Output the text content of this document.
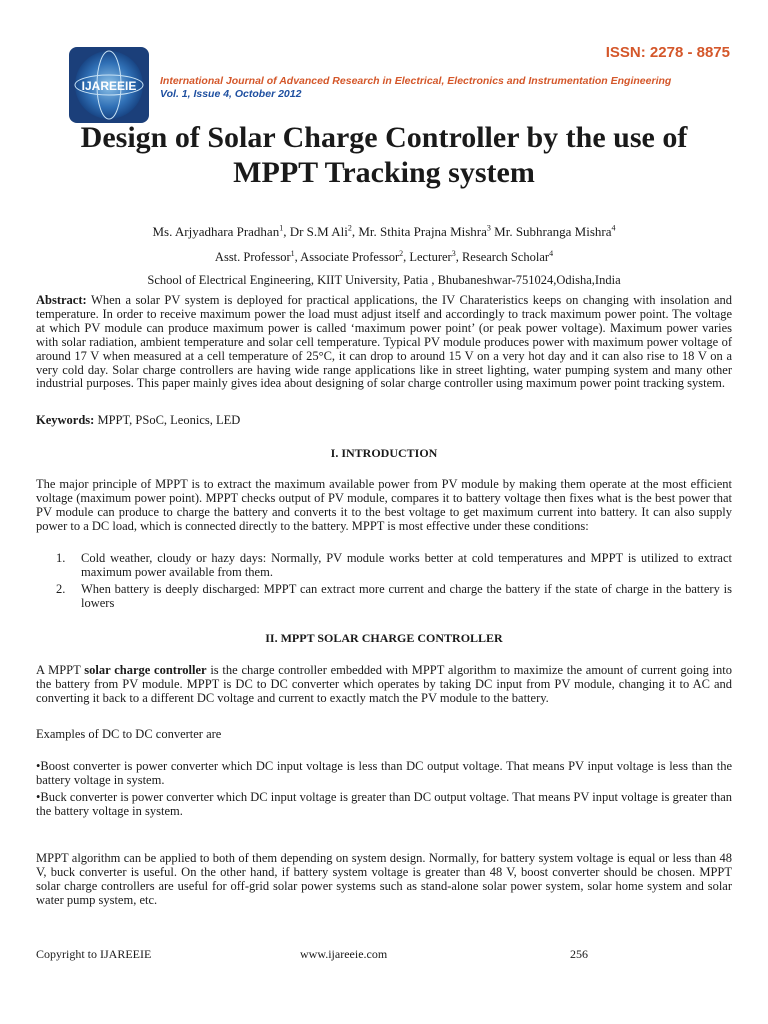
IJAREEIE
ISSN: 2278 - 8875
International Journal of Advanced Research in Electrical, Electronics and Instrumentation Engineering
Vol. 1, Issue 4, October 2012
Design of Solar Charge Controller by the use of
MPPT Tracking system
Ms. Arjyadhara Pradhan$^1$, Dr S.M Ali$^2$, Mr. Sthita Prajna Mishra$^3$ Mr. Subhranga Mishra$^4$
Asst. Professor$^1$, Associate Professor$^2$, Lecturer$^3$, Research Scholar$^4$
School of Electrical Engineering, KIIT University, Patia , Bhubaneshwar-751024,Odisha,India
Abstract: When a solar PV system is deployed for practical applications, the IV Charateristics keeps on changing with insolation and temperature. In order to receive maximum power the load must adjust itself and accordingly to track maximum power point. The voltage at which PV module can produce maximum power is called ‘maximum power point’ (or peak power voltage). Maximum power varies with solar radiation, ambient temperature and solar cell temperature. Typical PV module produces power with maximum power voltage of around 17 V when measured at a cell temperature of 25°C, it can drop to around 15 V on a very hot day and it can also rise to 18 V on a very cold day. Solar charge controllers are having wide range applications like in street lighting, water pumping system and many other industrial purposes. This paper mainly gives idea about designing of solar charge controller using maximum power point tracking system.
Keywords: MPPT, PSoC, Leonics, LED
I. INTRODUCTION
The major principle of MPPT is to extract the maximum available power from PV module by making them operate at the most efficient voltage (maximum power point). MPPT checks output of PV module, compares it to battery voltage then fixes what is the best power that PV module can produce to charge the battery and converts it to the best voltage to get maximum current into battery. It can also supply power to a DC load, which is connected directly to the battery. MPPT is most effective under these conditions:
1. Cold weather, cloudy or hazy days: Normally, PV module works better at cold temperatures and MPPT is utilized to extract maximum power available from them.
2. When battery is deeply discharged: MPPT can extract more current and charge the battery if the state of charge in the battery is lowers
II. MPPT SOLAR CHARGE CONTROLLER
A MPPT solar charge controller is the charge controller embedded with MPPT algorithm to maximize the amount of current going into the battery from PV module. MPPT is DC to DC converter which operates by taking DC input from PV module, changing it to AC and converting it back to a different DC voltage and current to exactly match the PV module to the battery.
Examples of DC to DC converter are
•Boost converter is power converter which DC input voltage is less than DC output voltage. That means PV input voltage is less than the battery voltage in system.
•Buck converter is power converter which DC input voltage is greater than DC output voltage. That means PV input voltage is greater than the battery voltage in system.
MPPT algorithm can be applied to both of them depending on system design. Normally, for battery system voltage is equal or less than 48 V, buck converter is useful. On the other hand, if battery system voltage is greater than 48 V, boost converter should be chosen. MPPT solar charge controllers are useful for off-grid solar power systems such as stand-alone solar power system, solar home system and solar water pump system, etc.
Copyright to IJAREEIE	www.ijareeie.com	256
